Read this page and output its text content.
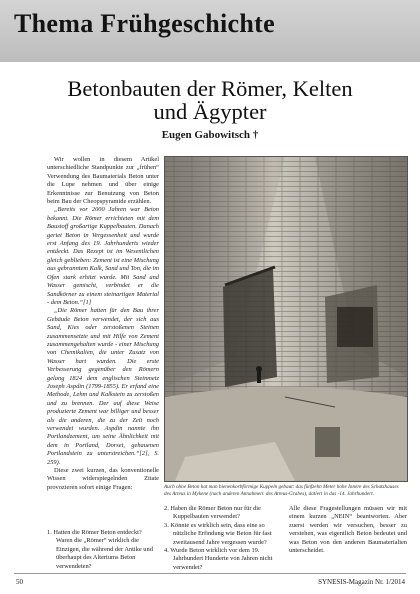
Thema Frühgeschichte
Betonbauten der Römer, Kelten
und Ägypter
Eugen Gabowitsch †

Wir wollen in diesem Artikel unterschiedliche Standpunkte zur „frühen“ Verwendung des Baumaterials Beton unter die Lupe nehmen und über einige Erkenntnisse zur Benutzung von Beton beim Bau der Cheopspyramide erzählen.

„Bereits vor 2000 Jahren war Beton bekannt. Die Römer errichteten mit dem Baustoff großartige Kuppelbauten. Danach geriet Beton in Vergessenheit und wurde erst Anfang des 19. Jahrhunderts wieder entdeckt. Das Rezept ist im Wesentlichen gleich geblieben: Zement ist eine Mischung aus gebranntem Kalk, Sand und Ton, die im Ofen stark erhitzt wurde. Mit Sand und Wasser gemischt, verbindet er die Sandkörner zu einem steinartigen Material - dem Beton.“[1]

„Die Römer hatten für den Bau ihrer Gebäude Beton verwendet, der sich aus Sand, Kies oder zerstoßenen Steinen zusammensetzte und mit Hilfe von Zement zusammengehalten wurde - einer Mischung von Chemikalien, die unter Zusatz von Wasser hart wurden. Die erste Verbesserung gegenüber den Römern gelang 1824 dem englischen Steinmetz Joseph Aspdin (1799-1855). Er erfand eine Methode, Lehm und Kalkstein zu zerstoßen und zu brennen. Der auf diese Weise produzierte Zement war billiger und besser als die anderen, die zu der Zeit noch verwendet wurden. Aspdin nannte ihn Portlandzement, um seine Ähnlichkeit mit dem in Portland, Dorset, gehauenen Portlandstein zu unterstreichen.“[2], S. 259).

Diese zwei kurzen, das konventionelle Wissen widerspiegelnden Zitate provozieren sofort einige Fragen:	Auch ohne Beton hat man bienenkorbförmige Kuppeln gebaut: das fünfzehn Meter hohe Innere des Schatzhauses des Atreus in Mykene (nach anderen Annahmen: des Atreus-Grabes), datiert in das -14. Jahrhundert.

1. Hatten die Römer Beton entdeckt? Waren die „Römer“ wirklich die Einzigen, die während der Antike und überhaupt des Altertums Beton verwendeten?

2. Haben die Römer Beton nur für die Kuppelbauten verwendet?

3. Könnte es wirklich sein, dass eine so nützliche Erfindung wie Beton für fast zweitausend Jahre vergessen wurde?

4. Wurde Beton wirklich vor dem 19. Jahrhundert Hunderte von Jahren nicht verwendet?

Alle diese Fragestellungen müssen wir mit einem kurzen „NEIN“ beantworten. Aber zuerst werden wir versuchen, besser zu verstehen, was eigentlich Beton bedeutet und was Beton von den anderen Baumaterialien unterscheidet.

50	SYNESIS-Magazin Nr. 1/2014
